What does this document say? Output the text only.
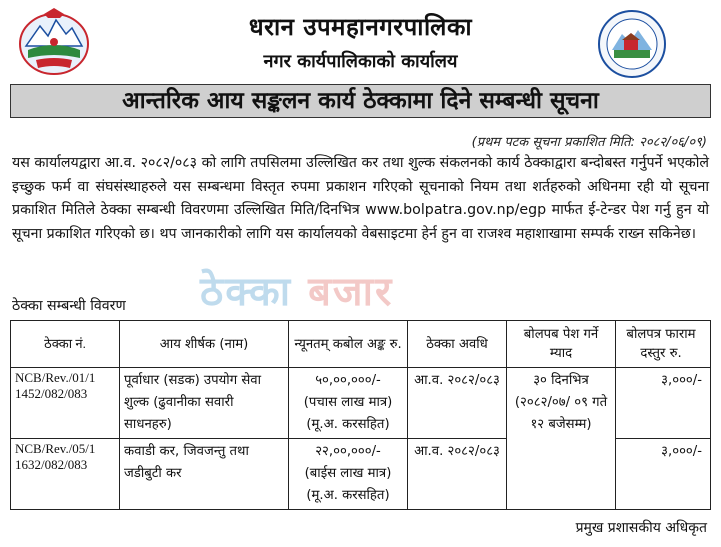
धरान उपमहानगरपालिका
नगर कार्यपालिकाको कार्यालय
आन्तरिक आय सङ्कलन कार्य ठेक्कामा दिने सम्बन्धी सूचना
(प्रथम पटक सूचना प्रकाशित मिति: २०८२/०६/०९)
यस कार्यालयद्वारा आ.व. २०८२/०८३ को लागि तपसिलमा उल्लिखित कर तथा शुल्क संकलनको कार्य ठेक्काद्वारा बन्दोबस्त गर्नुपर्ने भएकोले इच्छुक फर्म वा संघसंस्थाहरुले यस सम्बन्धमा विस्तृत रुपमा प्रकाशन गरिएको सूचनाको नियम तथा शर्तहरुको अधिनमा रही यो सूचना प्रकाशित मितिले ठेक्का सम्बन्धी विवरणमा उल्लिखित मिति/दिनभित्र www.bolpatra.gov.np/egp मार्फत ई-टेन्डर पेश गर्नु हुन यो सूचना प्रकाशित गरिएको छ। थप जानकारीको लागि यस कार्यालयको वेबसाइटमा हेर्न हुन वा राजश्व महाशाखामा सम्पर्क राख्न सकिनेछ।
ठेक्का बजार
ठेक्का सम्बन्धी विवरण
ठेक्का नं.	आय शीर्षक (नाम)	न्यूनतम् कबोल अङ्क रु.	ठेक्का अवधि	बोलपब पेश गर्ने म्याद	बोलपत्र फाराम दस्तुर रु.
NCB/Rev./01/1 1452/082/083	पूर्वाधार (सडक) उपयोग सेवा शुल्क (ढुवानीका सवारी साधनहरु)	५०,००,०००/-
(पचास लाख मात्र)
(मू.अ. करसहित)	आ.व. २०८२/०८३	३० दिनभित्र (२०८२/०७/ ०९ गते १२ बजेसम्म)	३,०००/-
NCB/Rev./05/1 1632/082/083	कवाडी कर, जिवजन्तु तथा जडीबुटी कर	२२,००,०००/-
(बाईस लाख मात्र)
(मू.अ. करसहित)	आ.व. २०८२/०८३		३,०००/-
प्रमुख प्रशासकीय अधिकृत
